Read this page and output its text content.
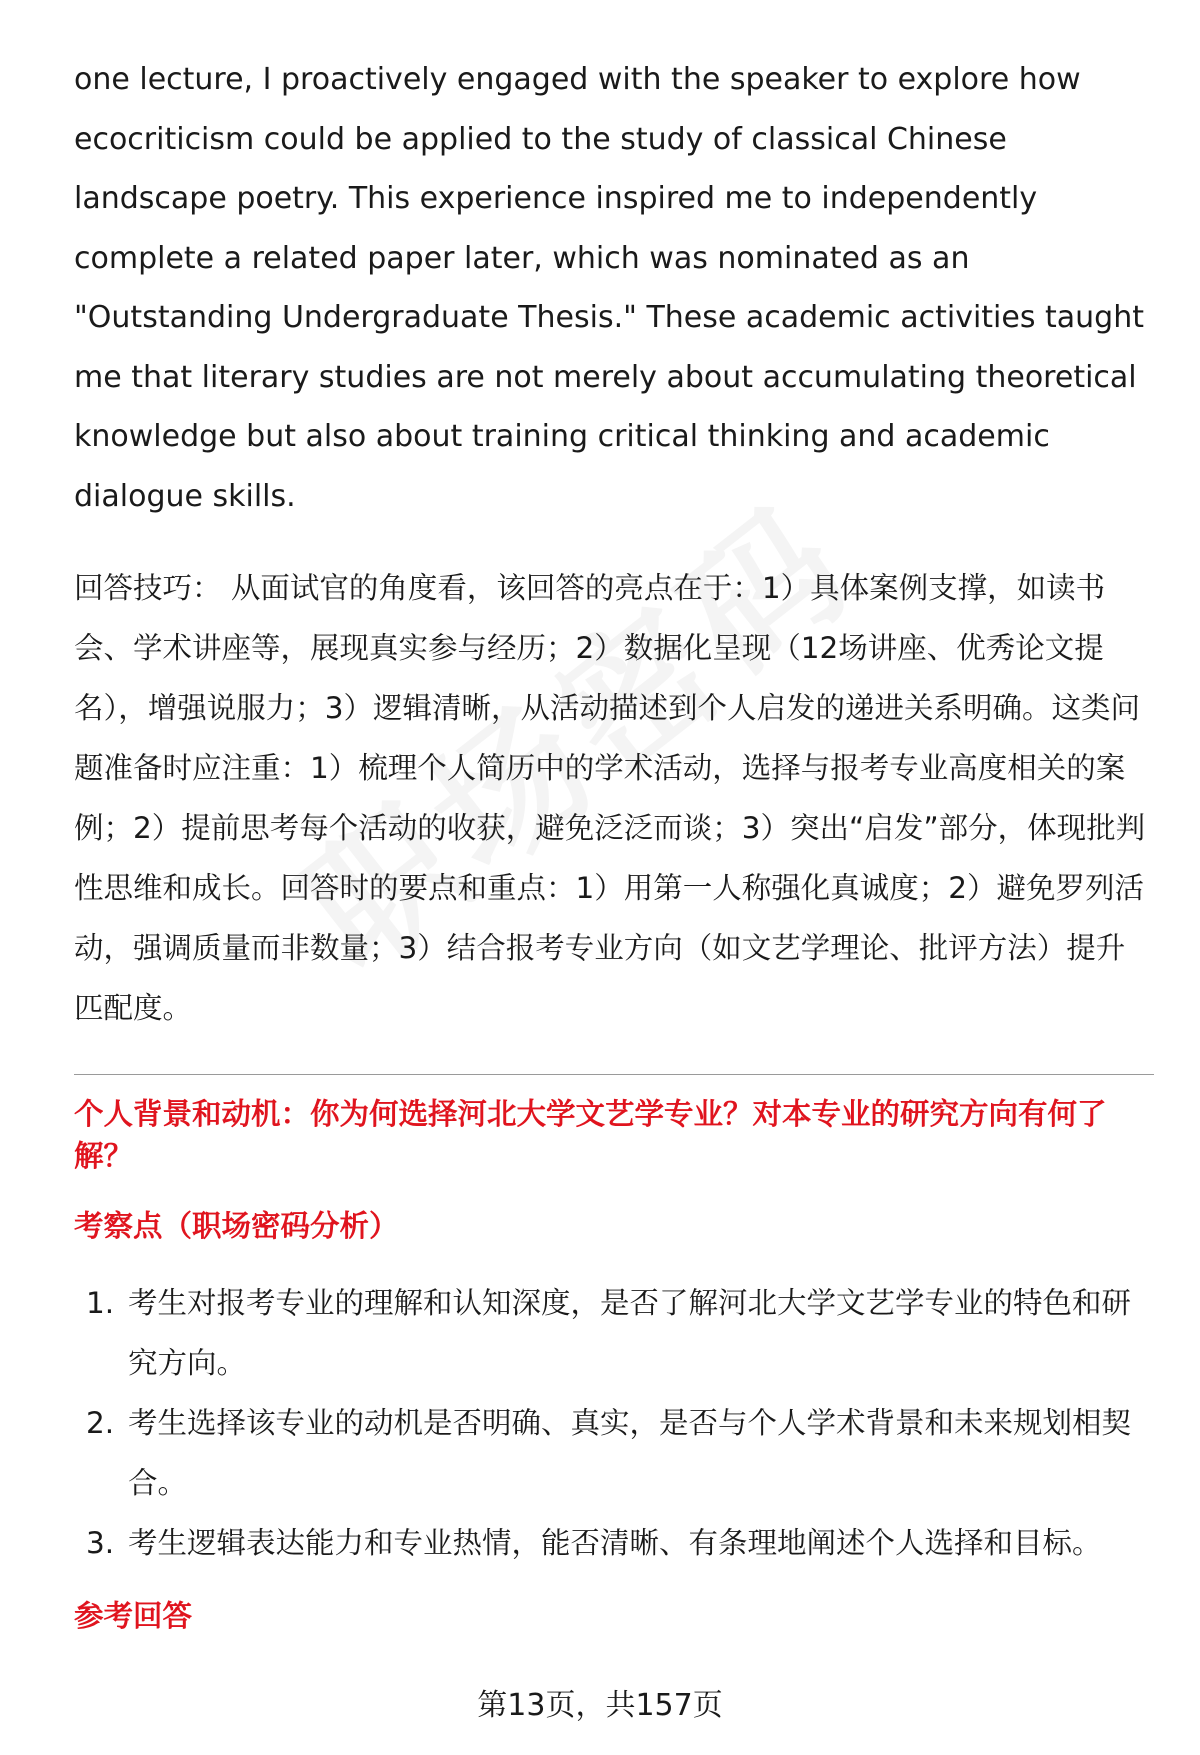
one lecture, I proactively engaged with the speaker to explore how ecocriticism could be applied to the study of classical Chinese landscape poetry. This experience inspired me to independently complete a related paper later, which was nominated as an "Outstanding Undergraduate Thesis." These academic activities taught me that literary studies are not merely about accumulating theoretical knowledge but also about training critical thinking and academic dialogue skills.

回答技巧： 从面试官的角度看，该回答的亮点在于：1）具体案例支撑，如读书会、学术讲座等，展现真实参与经历；2）数据化呈现（12场讲座、优秀论文提名），增强说服力；3）逻辑清晰，从活动描述到个人启发的递进关系明确。这类问题准备时应注重：1）梳理个人简历中的学术活动，选择与报考专业高度相关的案例；2）提前思考每个活动的收获，避免泛泛而谈；3）突出“启发”部分，体现批判性思维和成长。回答时的要点和重点：1）用第一人称强化真诚度；2）避免罗列活动，强调质量而非数量；3）结合报考专业方向（如文艺学理论、批评方法）提升匹配度。

个人背景和动机：你为何选择河北大学文艺学专业？对本专业的研究方向有何了解？

考察点（职场密码分析）

1. 考生对报考专业的理解和认知深度，是否了解河北大学文艺学专业的特色和研究方向。
2. 考生选择该专业的动机是否明确、真实，是否与个人学术背景和未来规划相契合。
3. 考生逻辑表达能力和专业热情，能否清晰、有条理地阐述个人选择和目标。

参考回答

第13页，共157页
